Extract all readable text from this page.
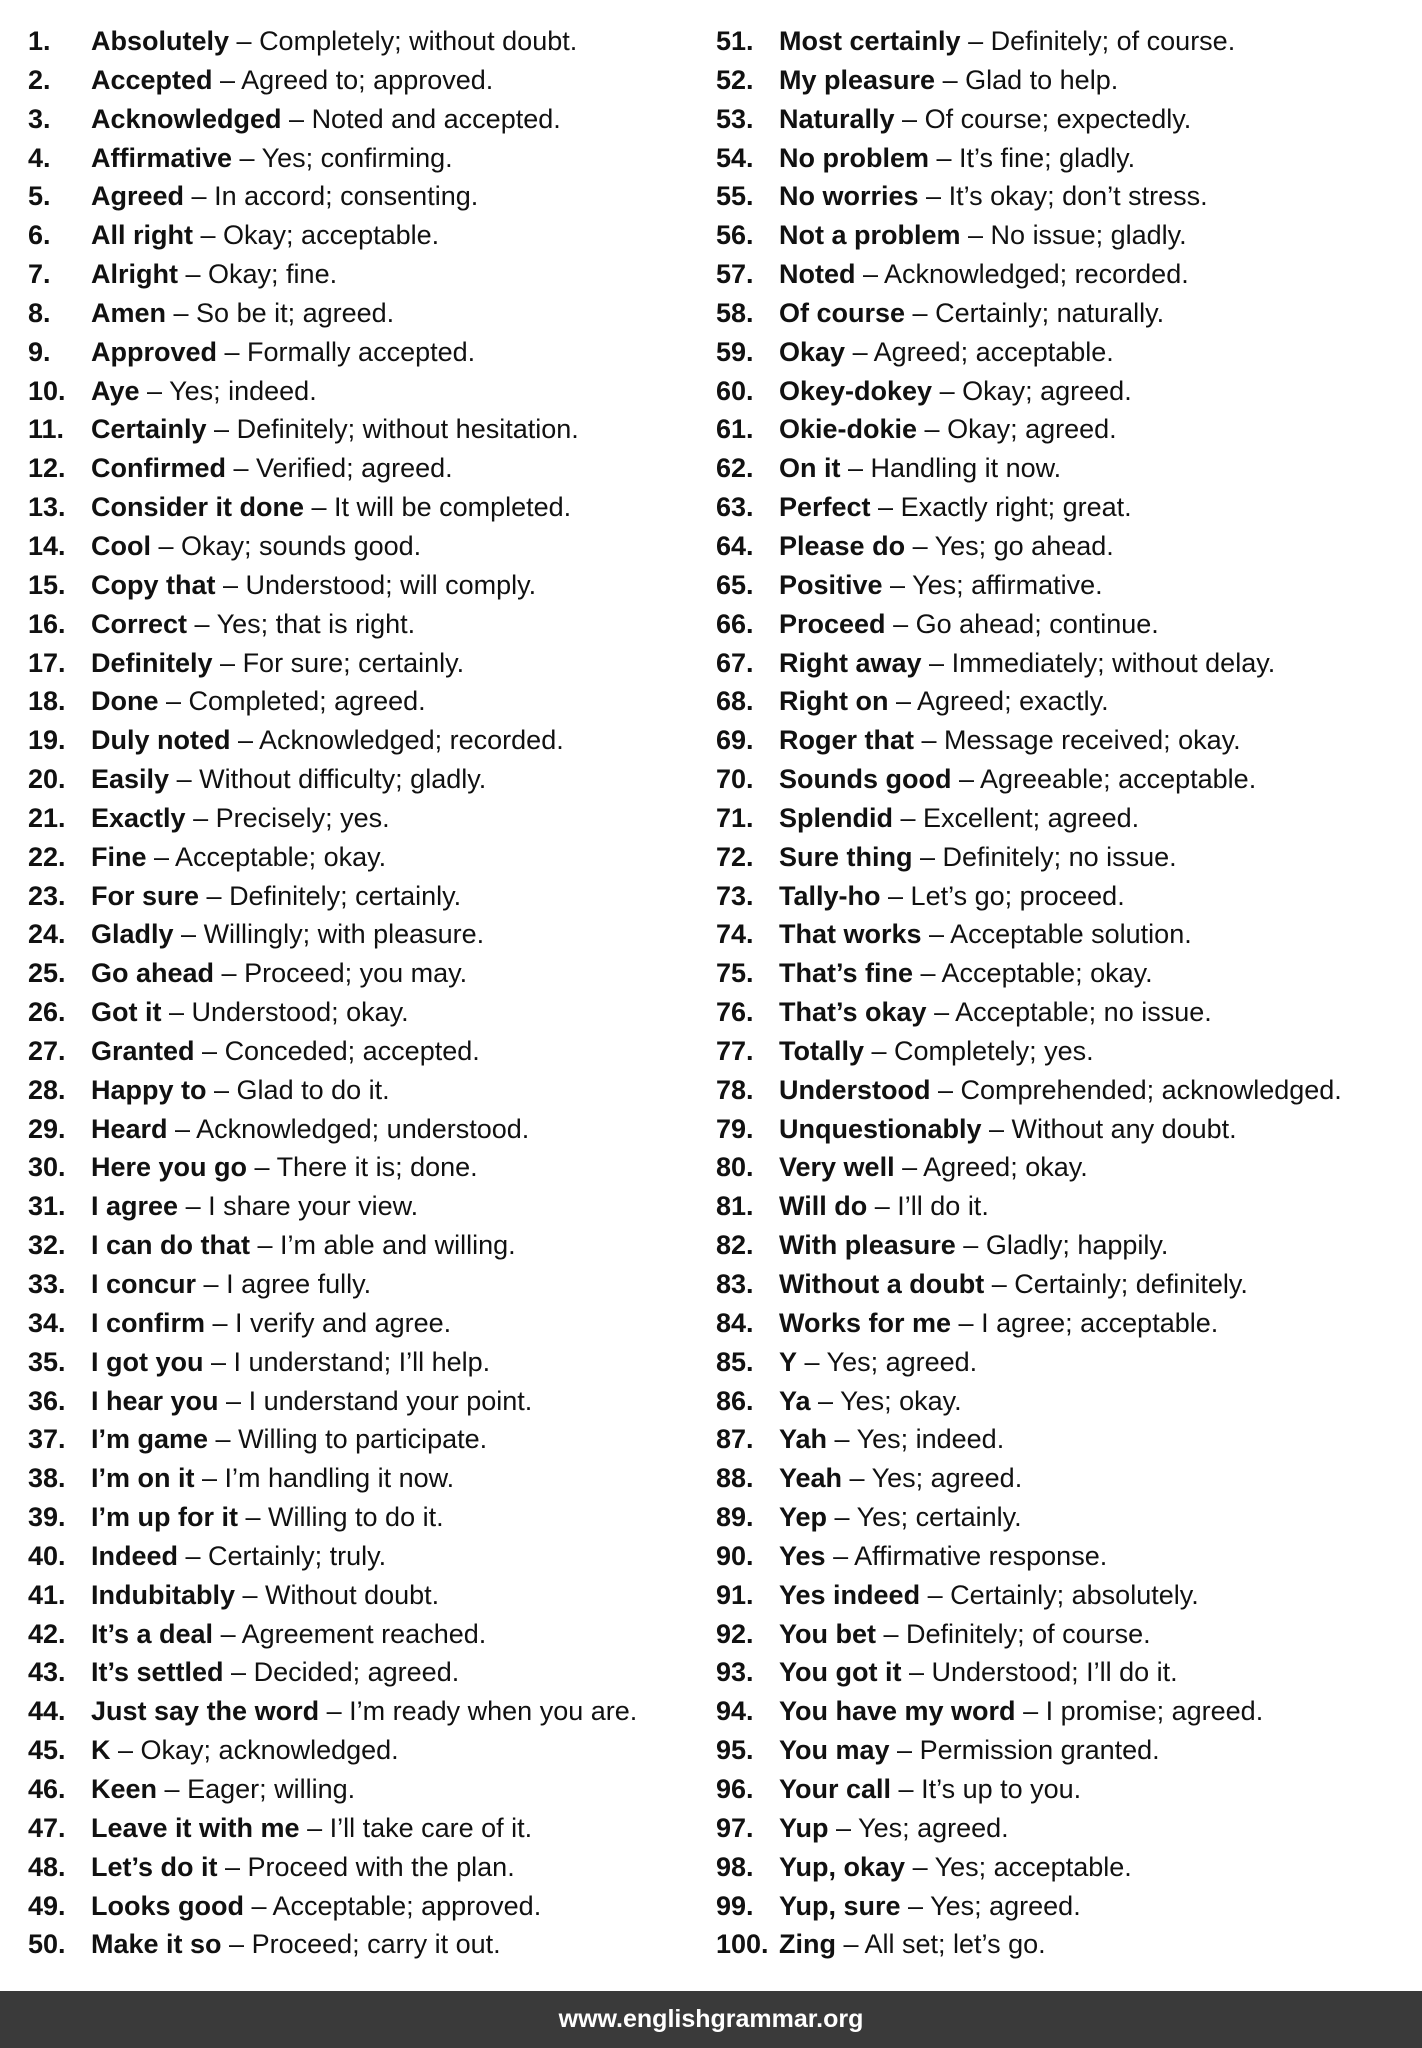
1. Absolutely – Completely; without doubt.
2. Accepted – Agreed to; approved.
3. Acknowledged – Noted and accepted.
4. Affirmative – Yes; confirming.
5. Agreed – In accord; consenting.
6. All right – Okay; acceptable.
7. Alright – Okay; fine.
8. Amen – So be it; agreed.
9. Approved – Formally accepted.
10. Aye – Yes; indeed.
11. Certainly – Definitely; without hesitation.
12. Confirmed – Verified; agreed.
13. Consider it done – It will be completed.
14. Cool – Okay; sounds good.
15. Copy that – Understood; will comply.
16. Correct – Yes; that is right.
17. Definitely – For sure; certainly.
18. Done – Completed; agreed.
19. Duly noted – Acknowledged; recorded.
20. Easily – Without difficulty; gladly.
21. Exactly – Precisely; yes.
22. Fine – Acceptable; okay.
23. For sure – Definitely; certainly.
24. Gladly – Willingly; with pleasure.
25. Go ahead – Proceed; you may.
26. Got it – Understood; okay.
27. Granted – Conceded; accepted.
28. Happy to – Glad to do it.
29. Heard – Acknowledged; understood.
30. Here you go – There it is; done.
31. I agree – I share your view.
32. I can do that – I’m able and willing.
33. I concur – I agree fully.
34. I confirm – I verify and agree.
35. I got you – I understand; I’ll help.
36. I hear you – I understand your point.
37. I’m game – Willing to participate.
38. I’m on it – I’m handling it now.
39. I’m up for it – Willing to do it.
40. Indeed – Certainly; truly.
41. Indubitably – Without doubt.
42. It’s a deal – Agreement reached.
43. It’s settled – Decided; agreed.
44. Just say the word – I’m ready when you are.
45. K – Okay; acknowledged.
46. Keen – Eager; willing.
47. Leave it with me – I’ll take care of it.
48. Let’s do it – Proceed with the plan.
49. Looks good – Acceptable; approved.
50. Make it so – Proceed; carry it out.
51. Most certainly – Definitely; of course.
52. My pleasure – Glad to help.
53. Naturally – Of course; expectedly.
54. No problem – It’s fine; gladly.
55. No worries – It’s okay; don’t stress.
56. Not a problem – No issue; gladly.
57. Noted – Acknowledged; recorded.
58. Of course – Certainly; naturally.
59. Okay – Agreed; acceptable.
60. Okey-dokey – Okay; agreed.
61. Okie-dokie – Okay; agreed.
62. On it – Handling it now.
63. Perfect – Exactly right; great.
64. Please do – Yes; go ahead.
65. Positive – Yes; affirmative.
66. Proceed – Go ahead; continue.
67. Right away – Immediately; without delay.
68. Right on – Agreed; exactly.
69. Roger that – Message received; okay.
70. Sounds good – Agreeable; acceptable.
71. Splendid – Excellent; agreed.
72. Sure thing – Definitely; no issue.
73. Tally-ho – Let’s go; proceed.
74. That works – Acceptable solution.
75. That’s fine – Acceptable; okay.
76. That’s okay – Acceptable; no issue.
77. Totally – Completely; yes.
78. Understood – Comprehended; acknowledged.
79. Unquestionably – Without any doubt.
80. Very well – Agreed; okay.
81. Will do – I’ll do it.
82. With pleasure – Gladly; happily.
83. Without a doubt – Certainly; definitely.
84. Works for me – I agree; acceptable.
85. Y – Yes; agreed.
86. Ya – Yes; okay.
87. Yah – Yes; indeed.
88. Yeah – Yes; agreed.
89. Yep – Yes; certainly.
90. Yes – Affirmative response.
91. Yes indeed – Certainly; absolutely.
92. You bet – Definitely; of course.
93. You got it – Understood; I’ll do it.
94. You have my word – I promise; agreed.
95. You may – Permission granted.
96. Your call – It’s up to you.
97. Yup – Yes; agreed.
98. Yup, okay – Yes; acceptable.
99. Yup, sure – Yes; agreed.
100. Zing – All set; let’s go.
www.englishgrammar.org
